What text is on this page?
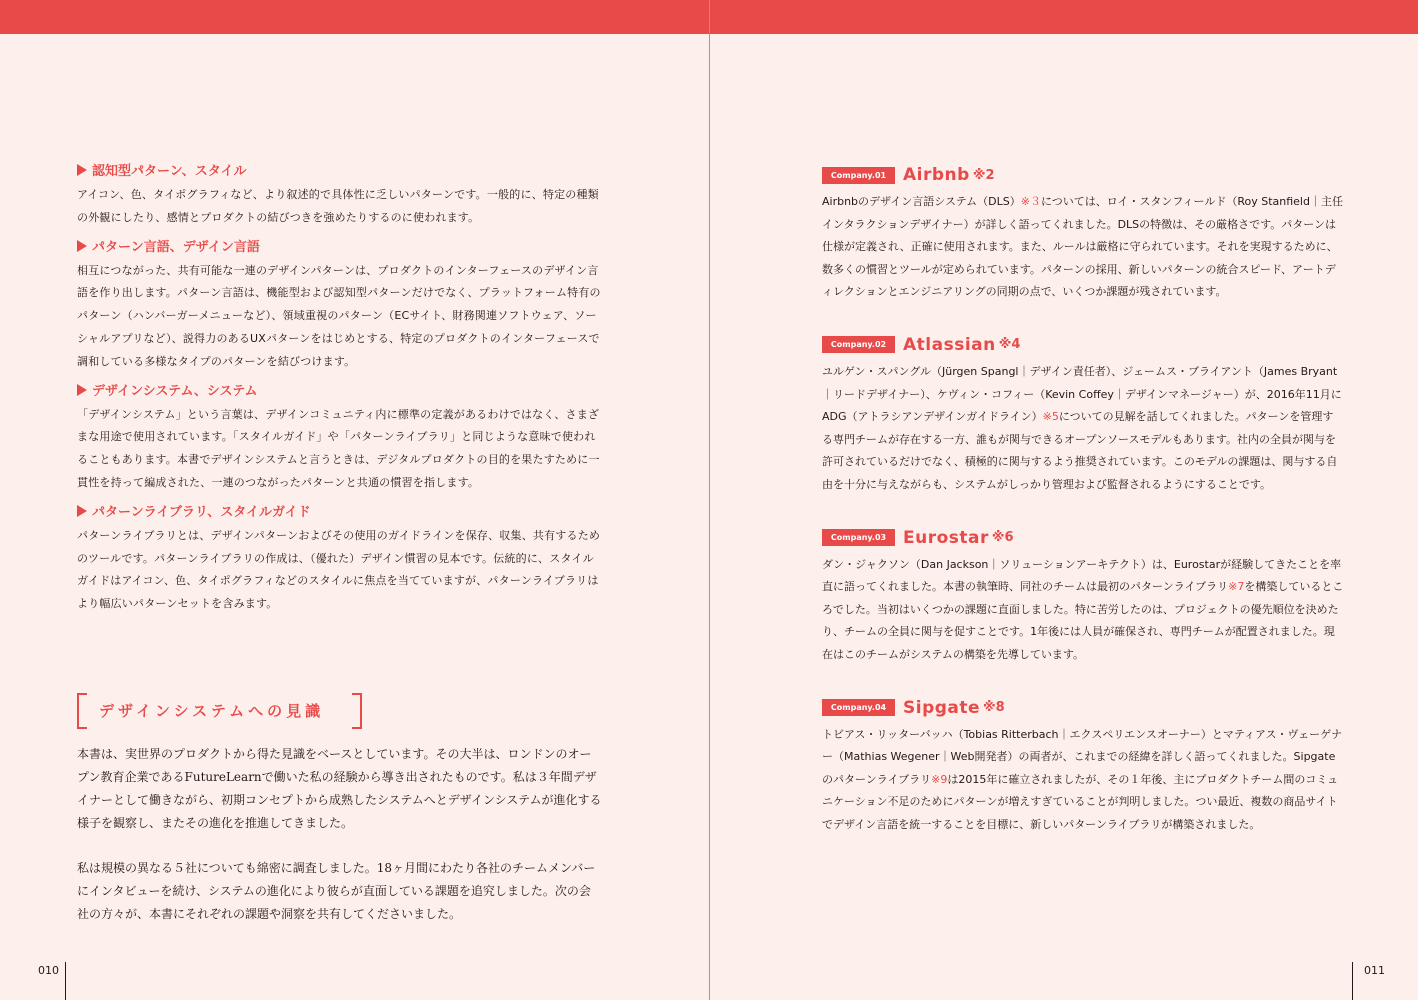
認知型パターン、スタイル

アイコン、色、タイポグラフィなど、より叙述的で具体性に乏しいパターンです。一般的に、特定の種類の外観にしたり、感情とプロダクトの結びつきを強めたりするのに使われます。

パターン言語、デザイン言語

相互につながった、共有可能な一連のデザインパターンは、プロダクトのインターフェースのデザイン言語を作り出します。パターン言語は、機能型および認知型パターンだけでなく、プラットフォーム特有のパターン（ハンバーガーメニューなど）、領域重視のパターン（ECサイト、財務関連ソフトウェア、ソーシャルアプリなど）、説得力のあるUXパターンをはじめとする、特定のプロダクトのインターフェースで調和している多様なタイプのパターンを結びつけます。

デザインシステム、システム

「デザインシステム」という言葉は、デザインコミュニティ内に標準の定義があるわけではなく、さまざまな用途で使用されています。「スタイルガイド」や「パターンライブラリ」と同じような意味で使われることもあります。本書でデザインシステムと言うときは、デジタルプロダクトの目的を果たすために一貫性を持って編成された、一連のつながったパターンと共通の慣習を指します。

パターンライブラリ、スタイルガイド

パターンライブラリとは、デザインパターンおよびその使用のガイドラインを保存、収集、共有するためのツールです。パターンライブラリの作成は、（優れた）デザイン慣習の見本です。伝統的に、スタイルガイドはアイコン、色、タイポグラフィなどのスタイルに焦点を当てていますが、パターンライブラリはより幅広いパターンセットを含みます。

デザインシステムへの見識

本書は、実世界のプロダクトから得た見識をベースとしています。その大半は、ロンドンのオープン教育企業であるFutureLearnで働いた私の経験から導き出されたものです。私は３年間デザイナーとして働きながら、初期コンセプトから成熟したシステムへとデザインシステムが進化する様子を観察し、またその進化を推進してきました。

私は規模の異なる５社についても綿密に調査しました。18ヶ月間にわたり各社のチームメンバーにインタビューを続け、システムの進化により彼らが直面している課題を追究しました。次の会社の方々が、本書にそれぞれの課題や洞察を共有してくださいました。

010
Company.01 Airbnb ※2

Airbnbのデザイン言語システム（DLS）※３については、ロイ・スタンフィールド（Roy Stanfield｜主任インタラクションデザイナー）が詳しく語ってくれました。DLSの特徴は、その厳格さです。パターンは仕様が定義され、正確に使用されます。また、ルールは厳格に守られています。それを実現するために、数多くの慣習とツールが定められています。パターンの採用、新しいパターンの統合スピード、アートディレクションとエンジニアリングの同期の点で、いくつか課題が残されています。

Company.02 Atlassian ※4

ユルゲン・スパングル（Jürgen Spangl｜デザイン責任者）、ジェームス・ブライアント（James Bryant｜リードデザイナー）、ケヴィン・コフィー（Kevin Coffey｜デザインマネージャー）が、2016年11月にADG（アトラシアンデザインガイドライン）※5についての見解を話してくれました。パターンを管理する専門チームが存在する一方、誰もが関与できるオープンソースモデルもあります。社内の全員が関与を許可されているだけでなく、積極的に関与するよう推奨されています。このモデルの課題は、関与する自由を十分に与えながらも、システムがしっかり管理および監督されるようにすることです。

Company.03 Eurostar ※6

ダン・ジャクソン（Dan Jackson｜ソリューションアーキテクト）は、Eurostarが経験してきたことを率直に語ってくれました。本書の執筆時、同社のチームは最初のパターンライブラリ※7を構築しているところでした。当初はいくつかの課題に直面しました。特に苦労したのは、プロジェクトの優先順位を決めたり、チームの全員に関与を促すことです。1年後には人員が確保され、専門チームが配置されました。現在はこのチームがシステムの構築を先導しています。

Company.04 Sipgate ※8

トビアス・リッターバッハ（Tobias Ritterbach｜エクスペリエンスオーナー）とマティアス・ヴェーゲナー（Mathias Wegener｜Web開発者）の両者が、これまでの経緯を詳しく語ってくれました。Sipgateのパターンライブラリ※9は2015年に確立されましたが、その１年後、主にプロダクトチーム間のコミュニケーション不足のためにパターンが増えすぎていることが判明しました。つい最近、複数の商品サイトでデザイン言語を統一することを目標に、新しいパターンライブラリが構築されました。

011
